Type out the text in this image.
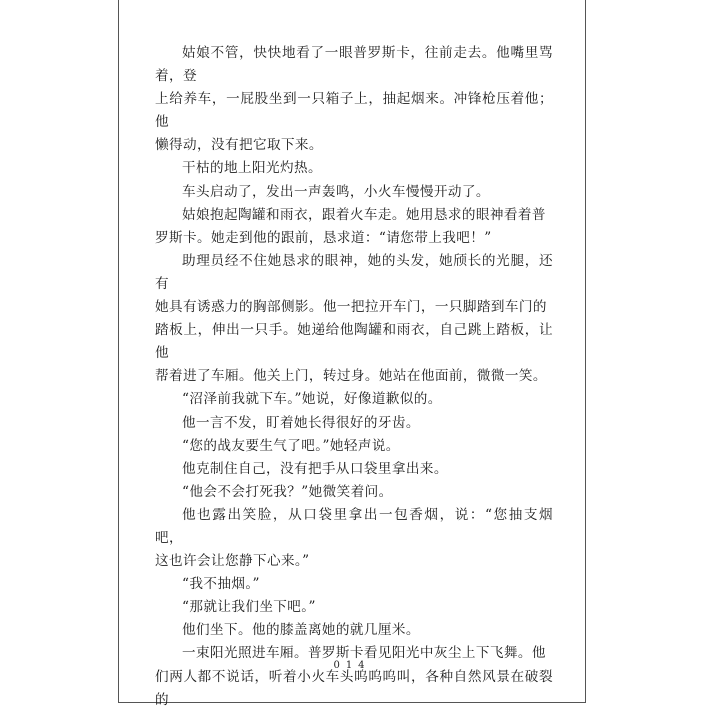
姑娘不管，快快地看了一眼普罗斯卡，往前走去。他嘴里骂着，登
上给养车，一屁股坐到一只箱子上，抽起烟来。冲锋枪压着他；他
懒得动，没有把它取下来。

干枯的地上阳光灼热。

车头启动了，发出一声轰鸣，小火车慢慢开动了。

姑娘抱起陶罐和雨衣，跟着火车走。她用恳求的眼神看着普
罗斯卡。她走到他的跟前，恳求道：“请您带上我吧！”

助理员经不住她恳求的眼神，她的头发，她颀长的光腿，还有
她具有诱惑力的胸部侧影。他一把拉开车门，一只脚踏到车门的
踏板上，伸出一只手。她递给他陶罐和雨衣，自己跳上踏板，让他
帮着进了车厢。他关上门，转过身。她站在他面前，微微一笑。

“沼泽前我就下车。”她说，好像道歉似的。

他一言不发，盯着她长得很好的牙齿。

“您的战友要生气了吧。”她轻声说。

他克制住自己，没有把手从口袋里拿出来。

“他会不会打死我？”她微笑着问。

他也露出笑脸，从口袋里拿出一包香烟，说：“您抽支烟吧，
这也许会让您静下心来。”

“我不抽烟。”

“那就让我们坐下吧。”

他们坐下。他的膝盖离她的就几厘米。

一束阳光照进车厢。普罗斯卡看见阳光中灰尘上下飞舞。他
们两人都不说话，听着小火车头呜呜呜叫，各种自然风景在破裂的

014
